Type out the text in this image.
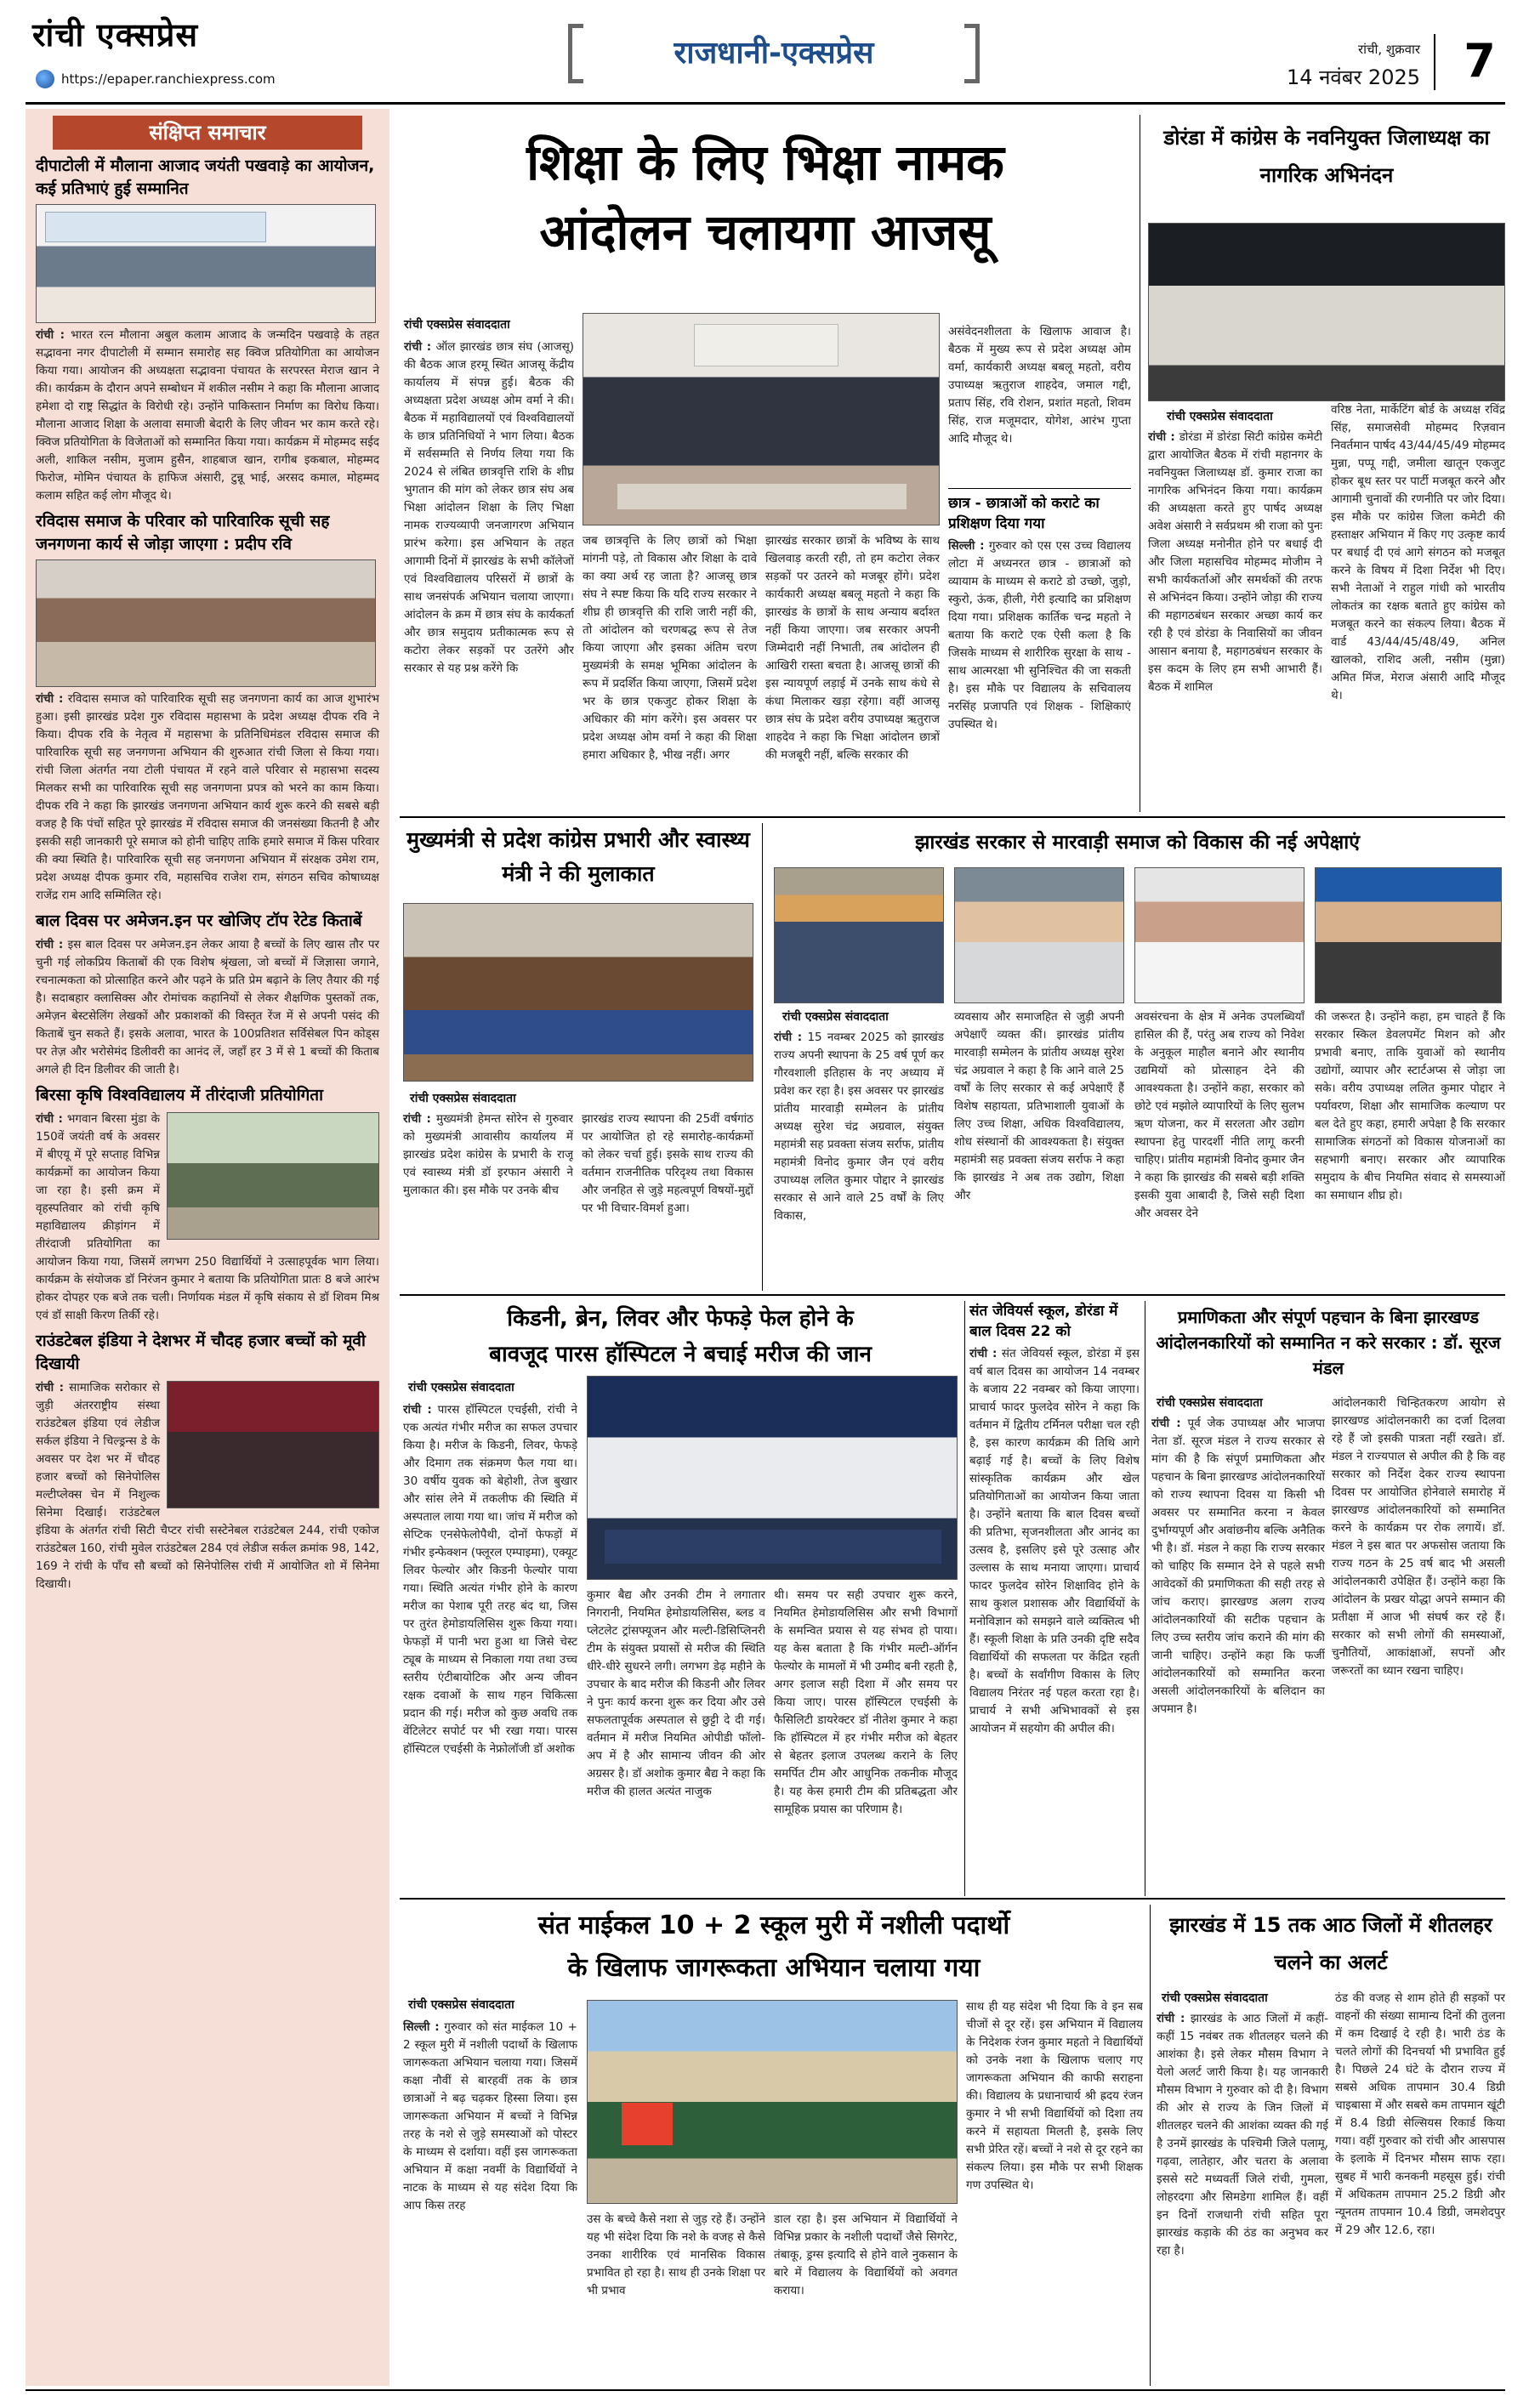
रांची एक्सप्रेस
https://epaper.ranchiexpress.com
राजधानी-एक्सप्रेस	रांची, शुक्रवार
14 नवंबर 2025 7
संक्षिप्त समाचार
दीपाटोली में मौलाना आजाद जयंती पखवाड़े का आयोजन, कई प्रतिभाएं हुई सम्मानित
रांची : भारत रत्न मौलाना अबुल कलाम आजाद के जन्मदिन पखवाड़े के तहत सद्भावना नगर दीपाटोली में सम्मान समारोह सह क्विज प्रतियोगिता का आयोजन किया गया। आयोजन की अध्यक्षता सद्भावना पंचायत के सरपरस्त मेराज खान ने की। कार्यक्रम के दौरान अपने सम्बोधन में शकील नसीम ने कहा कि मौलाना आजाद हमेशा दो राष्ट्र सिद्धांत के विरोधी रहे। उन्होंने पाकिस्तान निर्माण का विरोध किया। मौलाना आजाद शिक्षा के अलावा समाजी बेदारी के लिए जीवन भर काम करते रहे। क्विज प्रतियोगिता के विजेताओं को सम्मानित किया गया। कार्यक्रम में मोहम्मद सईद अली, शाकिल नसीम, मुजाम हुसैन, शाहबाज खान, रागीब इकबाल, मोहम्मद फिरोज, मोमिन पंचायत के हाफिज अंसारी, टुन्नू भाई, अरसद कमाल, मोहम्मद कलाम सहित कई लोग मौजूद थे।
रविदास समाज के परिवार को पारिवारिक सूची सह जनगणना कार्य से जोड़ा जाएगा : प्रदीप रवि
रांची : रविदास समाज को पारिवारिक सूची सह जनगणना कार्य का आज शुभारंभ हुआ। इसी झारखंड प्रदेश गुरु रविदास महासभा के प्रदेश अध्यक्ष दीपक रवि ने किया। दीपक रवि के नेतृत्व में महासभा के प्रतिनिधिमंडल रविदास समाज की पारिवारिक सूची सह जनगणना अभियान की शुरुआत रांची जिला से किया गया। रांची जिला अंतर्गत नया टोली पंचायत में रहने वाले परिवार से महासभा सदस्य मिलकर सभी का पारिवारिक सूची सह जनगणना प्रपत्र को भरने का काम किया। दीपक रवि ने कहा कि झारखंड जनगणना अभियान कार्य शुरू करने की सबसे बड़ी वजह है कि पंचों सहित पूरे झारखंड में रविदास समाज की जनसंख्या कितनी है और इसकी सही जानकारी पूरे समाज को होनी चाहिए ताकि हमारे समाज में किस परिवार की क्या स्थिति है। पारिवारिक सूची सह जनगणना अभियान में संरक्षक उमेश राम, प्रदेश अध्यक्ष दीपक कुमार रवि, महासचिव राजेश राम, संगठन सचिव कोषाध्यक्ष राजेंद्र राम आदि सम्मिलित रहे।
बाल दिवस पर अमेजन.इन पर खोजिए टॉप रेटेड किताबें
रांची : इस बाल दिवस पर अमेजन.इन लेकर आया है बच्चों के लिए खास तौर पर चुनी गई लोकप्रिय किताबों की एक विशेष श्रृंखला, जो बच्चों में जिज्ञासा जगाने, रचनात्मकता को प्रोत्साहित करने और पढ़ने के प्रति प्रेम बढ़ाने के लिए तैयार की गई है। सदाबहार क्लासिक्स और रोमांचक कहानियों से लेकर शैक्षणिक पुस्तकों तक, अमेज़न बेस्टसेलिंग लेखकों और प्रकाशकों की विस्तृत रेंज में से अपनी पसंद की किताबें चुन सकते हैं। इसके अलावा, भारत के 100प्रतिशत सर्विसेबल पिन कोड्स पर तेज़ और भरोसेमंद डिलीवरी का आनंद लें, जहाँ हर 3 में से 1 बच्चों की किताब अगले ही दिन डिलीवर की जाती है।
बिरसा कृषि विश्वविद्यालय में तीरंदाजी प्रतियोगिता
रांची : भगवान बिरसा मुंडा के 150वें जयंती वर्ष के अवसर में बीएयू में पूरे सप्ताह विभिन्न कार्यक्रमों का आयोजन किया जा रहा है। इसी क्रम में वृहस्पतिवार को रांची कृषि महाविद्यालय क्रीड़ांगन में तीरंदाजी प्रतियोगिता का आयोजन किया गया, जिसमें लगभग 250 विद्यार्थियों ने उत्साहपूर्वक भाग लिया। कार्यक्रम के संयोजक डॉ निरंजन कुमार ने बताया कि प्रतियोगिता प्रातः 8 बजे आरंभ होकर दोपहर एक बजे तक चली। निर्णायक मंडल में कृषि संकाय से डॉ शिवम मिश्र एवं डॉ साक्षी किरण तिर्की रहे।
राउंडटेबल इंडिया ने देशभर में चौदह हजार बच्चों को मूवी दिखायी
रांची : सामाजिक सरोकार से जुड़ी अंतरराष्ट्रीय संस्था राउंडटेबल इंडिया एवं लेडीज सर्कल इंडिया ने चिल्ड्रन्स डे के अवसर पर देश भर में चौदह हजार बच्चों को सिनेपोलिस मल्टीप्लेक्स चेन में निशुल्क सिनेमा दिखाई। राउंडटेबल इंडिया के अंतर्गत रांची सिटी चैप्टर रांची सस्टेनेबल राउंडटेबल 244, रांची एकोज राउंडटेबल 160, रांची मुवेल राउंडटेबल 284 एवं लेडीज सर्कल क्रमांक 98, 142, 169 ने रांची के पाँच सौ बच्चों को सिनेपोलिस रांची में आयोजित शो में सिनेमा दिखायी।
शिक्षा के लिए भिक्षा नामक
आंदोलन चलायगा आजसू
रांची एक्सप्रेस संवाददाता
रांची : ऑल झारखंड छात्र संघ (आजसू) की बैठक आज हरमू स्थित आजसू केंद्रीय कार्यालय में संपन्न हुई। बैठक की अध्यक्षता प्रदेश अध्यक्ष ओम वर्मा ने की। बैठक में महाविद्यालयों एवं विश्वविद्यालयों के छात्र प्रतिनिधियों ने भाग लिया। बैठक में सर्वसम्मति से निर्णय लिया गया कि 2024 से लंबित छात्रवृत्ति राशि के शीघ्र भुगतान की मांग को लेकर छात्र संघ अब भिक्षा आंदोलन शिक्षा के लिए भिक्षा नामक राज्यव्यापी जनजागरण अभियान प्रारंभ करेगा। इस अभियान के तहत आगामी दिनों में झारखंड के सभी कॉलेजों एवं विश्वविद्यालय परिसरों में छात्रों के साथ जनसंपर्क अभियान चलाया जाएगा। आंदोलन के क्रम में छात्र संघ के कार्यकर्ता और छात्र समुदाय प्रतीकात्मक रूप से कटोरा लेकर सड़कों पर उतरेंगे और सरकार से यह प्रश्न करेंगे कि
जब छात्रवृत्ति के लिए छात्रों को भिक्षा मांगनी पड़े, तो विकास और शिक्षा के दावे का क्या अर्थ रह जाता है? आजसू छात्र संघ ने स्पष्ट किया कि यदि राज्य सरकार ने शीघ्र ही छात्रवृत्ति की राशि जारी नहीं की, तो आंदोलन को चरणबद्ध रूप से तेज किया जाएगा और इसका अंतिम चरण मुख्यमंत्री के समक्ष भूमिका आंदोलन के रूप में प्रदर्शित किया जाएगा, जिसमें प्रदेश भर के छात्र एकजुट होकर शिक्षा के अधिकार की मांग करेंगे। इस अवसर पर प्रदेश अध्यक्ष ओम वर्मा ने कहा की शिक्षा हमारा अधिकार है, भीख नहीं। अगर
झारखंड सरकार छात्रों के भविष्य के साथ खिलवाड़ करती रही, तो हम कटोरा लेकर सड़कों पर उतरने को मजबूर होंगे। प्रदेश कार्यकारी अध्यक्ष बबलू महतो ने कहा कि झारखंड के छात्रों के साथ अन्याय बर्दाश्त नहीं किया जाएगा। जब सरकार अपनी जिम्मेदारी नहीं निभाती, तब आंदोलन ही आखिरी रास्ता बचता है। आजसू छात्रों की इस न्यायपूर्ण लड़ाई में उनके साथ कंधे से कंधा मिलाकर खड़ा रहेगा। वहीं आजसू छात्र संघ के प्रदेश वरीय उपाध्यक्ष ऋतुराज शाहदेव ने कहा कि भिक्षा आंदोलन छात्रों की मजबूरी नहीं, बल्कि सरकार की
असंवेदनशीलता के खिलाफ आवाज है। बैठक में मुख्य रूप से प्रदेश अध्यक्ष ओम वर्मा, कार्यकारी अध्यक्ष बबलू महतो, वरीय उपाध्यक्ष ऋतुराज शाहदेव, जमाल गद्दी, प्रताप सिंह, रवि रोशन, प्रशांत महतो, शिवम सिंह, राज मजूमदार, योगेश, आरंभ गुप्ता आदि मौजूद थे।
छात्र - छात्राओं को कराटे का प्रशिक्षण दिया गया
सिल्ली : गुरुवार को एस एस उच्च विद्यालय लोटा में अध्यनरत छात्र - छात्राओं को व्यायाम के माध्यम से कराटे डो उच्छो, जुड़ो, स्कुरो, ऊंक, हीली, गेरी इत्यादि का प्रशिक्षण दिया गया। प्रशिक्षक कार्तिक चन्द्र महतो ने बताया कि कराटे एक ऐसी कला है कि जिसके माध्यम से शारीरिक सुरक्षा के साथ - साथ आत्मरक्षा भी सुनिश्चित की जा सकती है। इस मौके पर विद्यालय के सचिवालय नरसिंह प्रजापति एवं शिक्षक - शिक्षिकाएं उपस्थित थे।
डोरंडा में कांग्रेस के नवनियुक्त जिलाध्यक्ष का नागरिक अभिनंदन
रांची एक्सप्रेस संवाददाता
रांची : डोरंडा में डोरंडा सिटी कांग्रेस कमेटी द्वारा आयोजित बैठक में रांची महानगर के नवनियुक्त जिलाध्यक्ष डॉ. कुमार राजा का नागरिक अभिनंदन किया गया। कार्यक्रम की अध्यक्षता करते हुए पार्षद अध्यक्ष अवेश अंसारी ने सर्वप्रथम श्री राजा को पुनः जिला अध्यक्ष मनोनीत होने पर बधाई दी और जिला महासचिव मोहम्मद मोजीम ने सभी कार्यकर्ताओं और समर्थकों की तरफ से अभिनंदन किया। उन्होंने जोड़ा की राज्य की महागठबंधन सरकार अच्छा कार्य कर रही है एवं डोरंडा के निवासियों का जीवन आसान बनाया है, महागठबंधन सरकार के इस कदम के लिए हम सभी आभारी हैं। बैठक में शामिल
वरिष्ठ नेता, मार्केटिंग बोर्ड के अध्यक्ष रविंद्र सिंह, समाजसेवी मोहम्मद रिज़वान निवर्तमान पार्षद 43/44/45/49 मोहम्मद मुन्ना, पप्पू गद्दी, जमीला खातून एकजुट होकर बूथ स्तर पर पार्टी मजबूत करने और आगामी चुनावों की रणनीति पर जोर दिया। इस मौके पर कांग्रेस जिला कमेटी की हस्ताक्षर अभियान में किए गए उत्कृष्ट कार्य पर बधाई दी एवं आगे संगठन को मजबूत करने के विषय में दिशा निर्देश भी दिए। सभी नेताओं ने राहुल गांधी को भारतीय लोकतंत्र का रक्षक बताते हुए कांग्रेस को मजबूत करने का संकल्प लिया। बैठक में वार्ड 43/44/45/48/49, अनिल खालको, राशिद अली, नसीम (मुन्ना) अमित मिंज, मेराज अंसारी आदि मौजूद थे।
मुख्यमंत्री से प्रदेश कांग्रेस प्रभारी और स्वास्थ्य मंत्री ने की मुलाकात
रांची एक्सप्रेस संवाददाता
रांची : मुख्यमंत्री हेमन्त सोरेन से गुरुवार को मुख्यमंत्री आवासीय कार्यालय में झारखंड प्रदेश कांग्रेस के प्रभारी के राजू एवं स्वास्थ्य मंत्री डॉ इरफान अंसारी ने मुलाकात की। इस मौके पर उनके बीच
झारखंड राज्य स्थापना की 25वीं वर्षगांठ पर आयोजित हो रहे समारोह-कार्यक्रमों को लेकर चर्चा हुई। इसके साथ राज्य की वर्तमान राजनीतिक परिदृश्य तथा विकास और जनहित से जुड़े महत्वपूर्ण विषयों-मुद्दों पर भी विचार-विमर्श हुआ।
झारखंड सरकार से मारवाड़ी समाज को विकास की नई अपेक्षाएं
रांची एक्सप्रेस संवाददाता
रांची : 15 नवम्बर 2025 को झारखंड राज्य अपनी स्थापना के 25 वर्ष पूर्ण कर गौरवशाली इतिहास के नए अध्याय में प्रवेश कर रहा है। इस अवसर पर झारखंड प्रांतीय मारवाड़ी सम्मेलन के प्रांतीय अध्यक्ष सुरेश चंद्र अग्रवाल, संयुक्त महामंत्री सह प्रवक्ता संजय सर्राफ, प्रांतीय महामंत्री विनोद कुमार जैन एवं वरीय उपाध्यक्ष ललित कुमार पोद्दार ने झारखंड सरकार से आने वाले 25 वर्षों के लिए विकास,
व्यवसाय और समाजहित से जुड़ी अपनी अपेक्षाएँ व्यक्त कीं। झारखंड प्रांतीय मारवाड़ी सम्मेलन के प्रांतीय अध्यक्ष सुरेश चंद्र अग्रवाल ने कहा है कि आने वाले 25 वर्षों के लिए सरकार से कई अपेक्षाएँ हैं विशेष सहायता, प्रतिभाशाली युवाओं के लिए उच्च शिक्षा, अधिक विश्वविद्यालय, शोध संस्थानों की आवश्यकता है। संयुक्त महामंत्री सह प्रवक्ता संजय सर्राफ ने कहा कि झारखंड ने अब तक उद्योग, शिक्षा और
अवसंरचना के क्षेत्र में अनेक उपलब्धियाँ हासिल की हैं, परंतु अब राज्य को निवेश के अनुकूल माहौल बनाने और स्थानीय उद्यमियों को प्रोत्साहन देने की आवश्यकता है। उन्होंने कहा, सरकार को छोटे एवं मझोले व्यापारियों के लिए सुलभ ऋण योजना, कर में सरलता और उद्योग स्थापना हेतु पारदर्शी नीति लागू करनी चाहिए। प्रांतीय महामंत्री विनोद कुमार जैन ने कहा कि झारखंड की सबसे बड़ी शक्ति इसकी युवा आबादी है, जिसे सही दिशा और अवसर देने
की जरूरत है। उन्होंने कहा, हम चाहते हैं कि सरकार स्किल डेवलपमेंट मिशन को और प्रभावी बनाए, ताकि युवाओं को स्थानीय उद्योगों, व्यापार और स्टार्टअप्स से जोड़ा जा सके। वरीय उपाध्यक्ष ललित कुमार पोद्दार ने पर्यावरण, शिक्षा और सामाजिक कल्याण पर बल देते हुए कहा, हमारी अपेक्षा है कि सरकार सामाजिक संगठनों को विकास योजनाओं का सहभागी बनाए। सरकार और व्यापारिक समुदाय के बीच नियमित संवाद से समस्याओं का समाधान शीघ्र हो।
किडनी, ब्रेन, लिवर और फेफड़े फेल होने के
बावजूद पारस हॉस्पिटल ने बचाई मरीज की जान
रांची एक्सप्रेस संवाददाता
रांची : पारस हॉस्पिटल एचईसी, रांची ने एक अत्यंत गंभीर मरीज का सफल उपचार किया है। मरीज के किडनी, लिवर, फेफड़े और दिमाग तक संक्रमण फैल गया था। 30 वर्षीय युवक को बेहोशी, तेज बुखार और सांस लेने में तकलीफ की स्थिति में अस्पताल लाया गया था। जांच में मरीज को सेप्टिक एनसेफेलोपैथी, दोनों फेफड़ों में गंभीर इन्फेक्शन (फ्लूरल एम्पाइमा), एक्यूट लिवर फेल्योर और किडनी फेल्योर पाया गया। स्थिति अत्यंत गंभीर होने के कारण मरीज का पेशाब पूरी तरह बंद था, जिस पर तुरंत हेमोडायलिसिस शुरू किया गया। फेफड़ों में पानी भरा हुआ था जिसे चेस्ट ट्यूब के माध्यम से निकाला गया तथा उच्च स्तरीय एंटीबायोटिक और अन्य जीवन रक्षक दवाओं के साथ गहन चिकित्सा प्रदान की गई। मरीज को कुछ अवधि तक वेंटिलेटर सपोर्ट पर भी रखा गया। पारस हॉस्पिटल एचईसी के नेफ्रोलॉजी डॉ अशोक
कुमार बैद्य और उनकी टीम ने लगातार निगरानी, नियमित हेमोडायलिसिस, ब्लड व प्लेटलेट ट्रांसफ्यूजन और मल्टी-डिसिप्लिनरी टीम के संयुक्त प्रयासों से मरीज की स्थिति धीरे-धीरे सुधरने लगी। लगभग डेढ़ महीने के उपचार के बाद मरीज की किडनी और लिवर ने पुनः कार्य करना शुरू कर दिया और उसे सफलतापूर्वक अस्पताल से छुट्टी दे दी गई। वर्तमान में मरीज नियमित ओपीडी फॉलो-अप में है और सामान्य जीवन की ओर अग्रसर है। डॉ अशोक कुमार बैद्य ने कहा कि मरीज की हालत अत्यंत नाजुक
थी। समय पर सही उपचार शुरू करने, नियमित हेमोडायलिसिस और सभी विभागों के समन्वित प्रयास से यह संभव हो पाया। यह केस बताता है कि गंभीर मल्टी-ऑर्गन फेल्योर के मामलों में भी उम्मीद बनी रहती है, अगर इलाज सही दिशा में और समय पर किया जाए। पारस हॉस्पिटल एचईसी के फैसिलिटी डायरेक्टर डॉ नीतेश कुमार ने कहा कि हॉस्पिटल में हर गंभीर मरीज को बेहतर से बेहतर इलाज उपलब्ध कराने के लिए समर्पित टीम और आधुनिक तकनीक मौजूद है। यह केस हमारी टीम की प्रतिबद्धता और सामूहिक प्रयास का परिणाम है।
संत जेवियर्स स्कूल, डोरंडा में बाल दिवस 22 को
रांची : संत जेवियर्स स्कूल, डोरंडा में इस वर्ष बाल दिवस का आयोजन 14 नवम्बर के बजाय 22 नवम्बर को किया जाएगा। प्राचार्य फादर फुलदेव सोरेन ने कहा कि वर्तमान में द्वितीय टर्मिनल परीक्षा चल रही है, इस कारण कार्यक्रम की तिथि आगे बढ़ाई गई है। बच्चों के लिए विशेष सांस्कृतिक कार्यक्रम और खेल प्रतियोगिताओं का आयोजन किया जाता है। उन्होंने बताया कि बाल दिवस बच्चों की प्रतिभा, सृजनशीलता और आनंद का उत्सव है, इसलिए इसे पूरे उत्साह और उल्लास के साथ मनाया जाएगा। प्राचार्य फादर फुलदेव सोरेन शिक्षाविद होने के साथ कुशल प्रशासक और विद्यार्थियों के मनोविज्ञान को समझने वाले व्यक्तित्व भी हैं। स्कूली शिक्षा के प्रति उनकी दृष्टि सदैव विद्यार्थियों की सफलता पर केंद्रित रहती है। बच्चों के सर्वांगीण विकास के लिए विद्यालय निरंतर नई पहल करता रहा है। प्राचार्य ने सभी अभिभावकों से इस आयोजन में सहयोग की अपील की।
प्रमाणिकता और संपूर्ण पहचान के बिना झारखण्ड आंदोलनकारियों को सम्मानित न करे सरकार : डॉ. सूरज मंडल
रांची एक्सप्रेस संवाददाता
रांची : पूर्व जेेक उपाध्यक्ष और भाजपा नेता डॉ. सूरज मंडल ने राज्य सरकार से मांग की है कि संपूर्ण प्रमाणिकता और पहचान के बिना झारखण्ड आंदोलनकारियों को राज्य स्थापना दिवस या किसी भी अवसर पर सम्मानित करना न केवल दुर्भाग्यपूर्ण और अवांछनीय बल्कि अनैतिक भी है। डॉ. मंडल ने कहा कि राज्य सरकार को चाहिए कि सम्मान देने से पहले सभी आवेदकों की प्रमाणिकता की सही तरह से जांच कराए। झारखण्ड अलग राज्य आंदोलनकारियों की सटीक पहचान के लिए उच्च स्तरीय जांच कराने की मांग की जानी चाहिए। उन्होंने कहा कि फर्जी आंदोलनकारियों को सम्मानित करना असली आंदोलनकारियों के बलिदान का अपमान है।
आंदोलनकारी चिन्हितकरण आयोग से झारखण्ड आंदोलनकारी का दर्जा दिलवा रहे हैं जो इसकी पात्रता नहीं रखते। डॉ. मंडल ने राज्यपाल से अपील की है कि वह सरकार को निर्देश देकर राज्य स्थापना दिवस पर आयोजित होनेवाले समारोह में झारखण्ड आंदोलनकारियों को सम्मानित करने के कार्यक्रम पर रोक लगायें। डॉ. मंडल ने इस बात पर अफसोस जताया कि राज्य गठन के 25 वर्ष बाद भी असली आंदोलनकारी उपेक्षित हैं। उन्होंने कहा कि आंदोलन के प्रखर योद्धा अपने सम्मान की प्रतीक्षा में आज भी संघर्ष कर रहे हैं। सरकार को सभी लोगों की समस्याओं, चुनौतियों, आकांक्षाओं, सपनों और जरूरतों का ध्यान रखना चाहिए।
संत माईकल 10 + 2 स्कूल मुरी में नशीली पदार्थो
के खिलाफ जागरूकता अभियान चलाया गया
रांची एक्सप्रेस संवाददाता
सिल्ली : गुरुवार को संत माईकल 10 + 2 स्कूल मुरी में नशीली पदार्थो के खिलाफ जागरूकता अभियान चलाया गया। जिसमें कक्षा नौवीं से बारहवीं तक के छात्र छात्राओं ने बढ़ चढ़कर हिस्सा लिया। इस जागरूकता अभियान में बच्चों ने विभिन्न तरह के नशे से जुड़े समस्याओं को पोस्टर के माध्यम से दर्शाया। वहीं इस जागरूकता अभियान में कक्षा नवमीं के विद्यार्थियों ने नाटक के माध्यम से यह संदेश दिया कि आप किस तरह
उस के बच्चे कैसे नशा से जुड़ रहे हैं। उन्होंने यह भी संदेश दिया कि नशे के वजह से कैसे उनका शारीरिक एवं मानसिक विकास प्रभावित हो रहा है। साथ ही उनके शिक्षा पर भी प्रभाव
डाल रहा है। इस अभियान में विद्यार्थियों ने विभिन्न प्रकार के नशीली पदार्थों जैसे सिगरेट, तंबाकू, ड्रग्स इत्यादि से होने वाले नुकसान के बारे में विद्यालय के विद्यार्थियों को अवगत कराया।
साथ ही यह संदेश भी दिया कि वे इन सब चीजों से दूर रहें। इस अभियान में विद्यालय के निदेशक रंजन कुमार महतो ने विद्यार्थियों को उनके नशा के खिलाफ चलाए गए जागरूकता अभियान की काफी सराहना की। विद्यालय के प्रधानाचार्य श्री ह्रदय रंजन कुमार ने भी सभी विद्यार्थियों को दिशा तय करने में सहायता मिलती है, इसके लिए सभी प्रेरित रहें। बच्चों ने नशे से दूर रहने का संकल्प लिया। इस मौके पर सभी शिक्षक गण उपस्थित थे।
झारखंड में 15 तक आठ जिलों में शीतलहर चलने का अलर्ट
रांची एक्सप्रेस संवाददाता
रांची : झारखंड के आठ जिलों में कहीं-कहीं 15 नवंबर तक शीतलहर चलने की आशंका है। इसे लेकर मौसम विभाग ने येलो अलर्ट जारी किया है। यह जानकारी मौसम विभाग ने गुरुवार को दी है। विभाग की ओर से राज्य के जिन जिलों में शीतलहर चलने की आशंका व्यक्त की गई है उनमें झारखंड के पश्चिमी जिले पलामू, गढ़वा, लातेहार, और चतरा के अलावा इससे सटे मध्यवर्ती जिले रांची, गुमला, लोहरदगा और सिमडेगा शामिल हैं। वहीं इन दिनों राजधानी रांची सहित पूरा झारखंड कड़ाके की ठंड का अनुभव कर रहा है।
ठंड की वजह से शाम होते ही सड़कों पर वाहनों की संख्या सामान्य दिनों की तुलना में कम दिखाई दे रही है। भारी ठंड के चलते लोगों की दिनचर्या भी प्रभावित हुई है। पिछले 24 घंटे के दौरान राज्य में सबसे अधिक तापमान 30.4 डिग्री चाइबासा में और सबसे कम तापमान खूंटी में 8.4 डिग्री सेल्सियस रिकार्ड किया गया। वहीं गुरुवार को रांची और आसपास के इलाके में दिनभर मौसम साफ रहा। सुबह में भारी कनकनी महसूस हुई। रांची में अधिकतम तापमान 25.2 डिग्री और न्यूनतम तापमान 10.4 डिग्री, जमशेदपुर में 29 और 12.6, रहा।
